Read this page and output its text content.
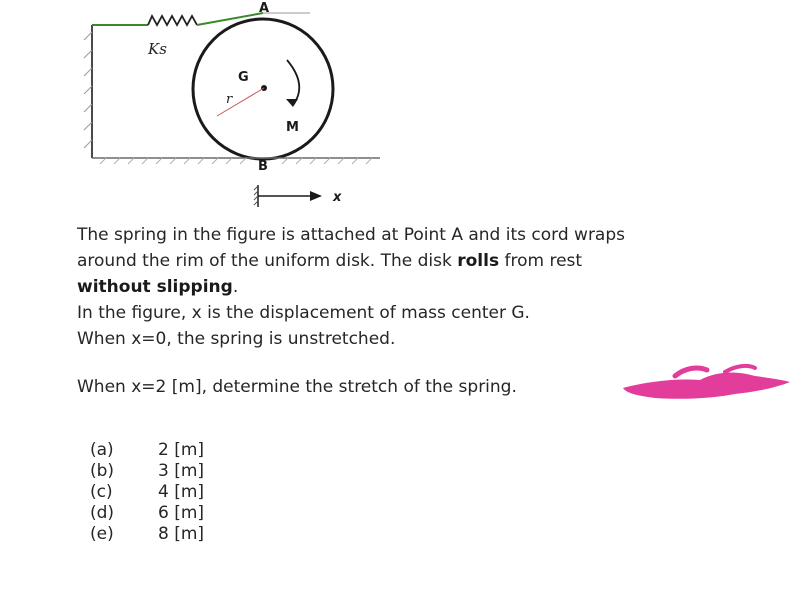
A
Ks
G
r
M
B
x

The spring in the figure is attached at Point A and its cord wraps around the rim of the uniform disk. The disk rolls from rest without slipping.

In the figure, x is the displacement of mass center G.
When x=0, the spring is unstretched.

When x=2 [m], determine the stretch of the spring.

(a)	2 [m]
(b)	3 [m]
(c)	4 [m]
(d)	6 [m]
(e)	8 [m]
